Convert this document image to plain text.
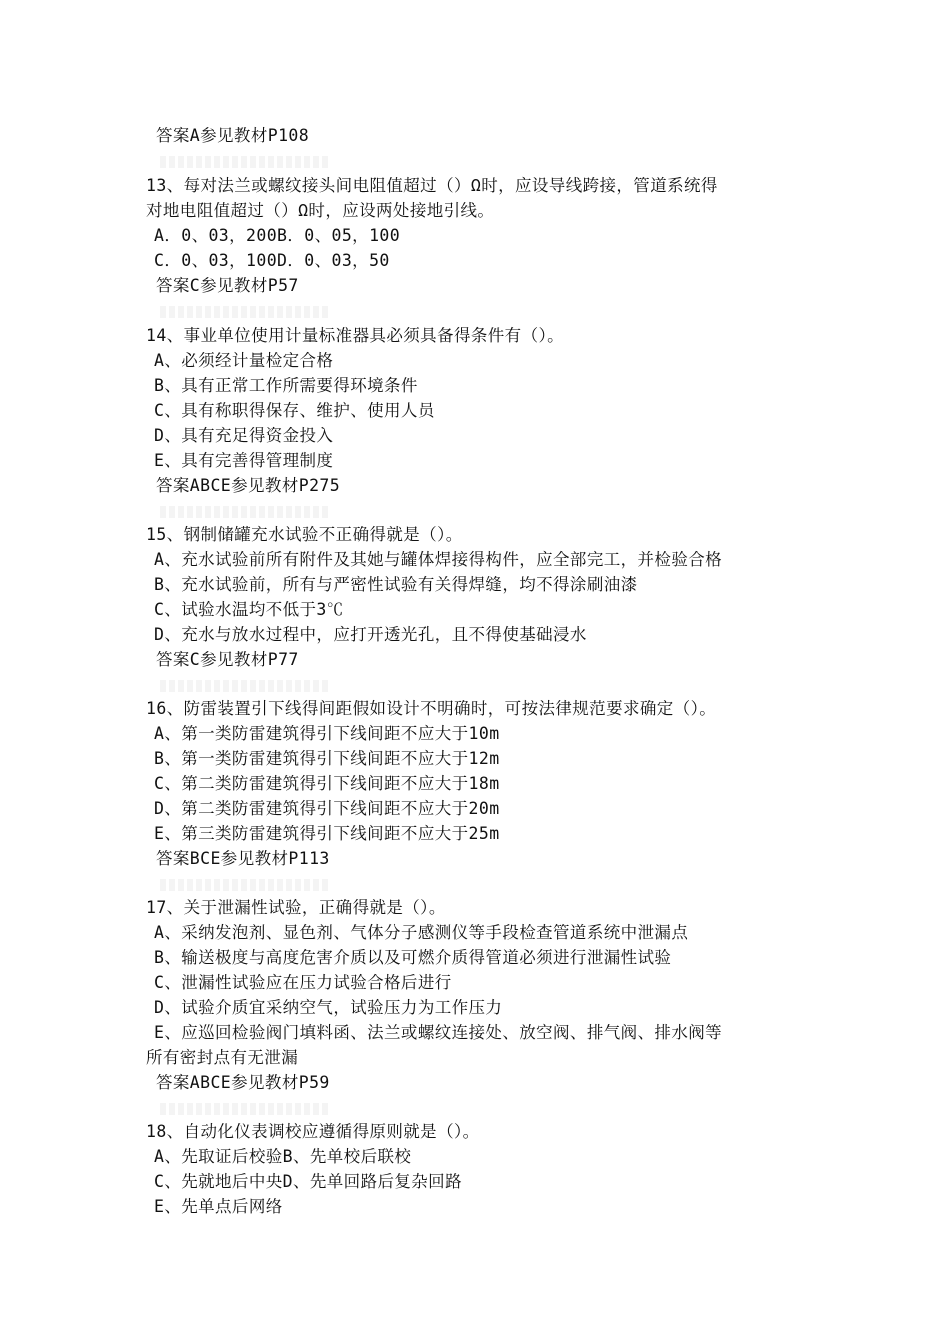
答案A参见教材P108
13、每对法兰或螺纹接头间电阻值超过（）Ω时，应设导线跨接，管道系统得
对地电阻值超过（）Ω时，应设两处接地引线。
A．0、03，200B．0、05，100
C．0、03，100D．0、03，50
答案C参见教材P57
14、事业单位使用计量标准器具必须具备得条件有（）。
A、必须经计量检定合格
B、具有正常工作所需要得环境条件
C、具有称职得保存、维护、使用人员
D、具有充足得资金投入
E、具有完善得管理制度
答案ABCE参见教材P275
15、钢制储罐充水试验不正确得就是（）。
A、充水试验前所有附件及其她与罐体焊接得构件，应全部完工，并检验合格
B、充水试验前，所有与严密性试验有关得焊缝，均不得涂刷油漆
C、试验水温均不低于3℃
D、充水与放水过程中，应打开透光孔，且不得使基础浸水
答案C参见教材P77
16、防雷装置引下线得间距假如设计不明确时，可按法律规范要求确定（）。
A、第一类防雷建筑得引下线间距不应大于10m
B、第一类防雷建筑得引下线间距不应大于12m
C、第二类防雷建筑得引下线间距不应大于18m
D、第二类防雷建筑得引下线间距不应大于20m
E、第三类防雷建筑得引下线间距不应大于25m
答案BCE参见教材P113
17、关于泄漏性试验，正确得就是（）。
A、采纳发泡剂、显色剂、气体分子感测仪等手段检查管道系统中泄漏点
B、输送极度与高度危害介质以及可燃介质得管道必须进行泄漏性试验
C、泄漏性试验应在压力试验合格后进行
D、试验介质宜采纳空气，试验压力为工作压力
E、应巡回检验阀门填料函、法兰或螺纹连接处、放空阀、排气阀、排水阀等
所有密封点有无泄漏
答案ABCE参见教材P59
18、自动化仪表调校应遵循得原则就是（）。
A、先取证后校验B、先单校后联校
C、先就地后中央D、先单回路后复杂回路
E、先单点后网络
